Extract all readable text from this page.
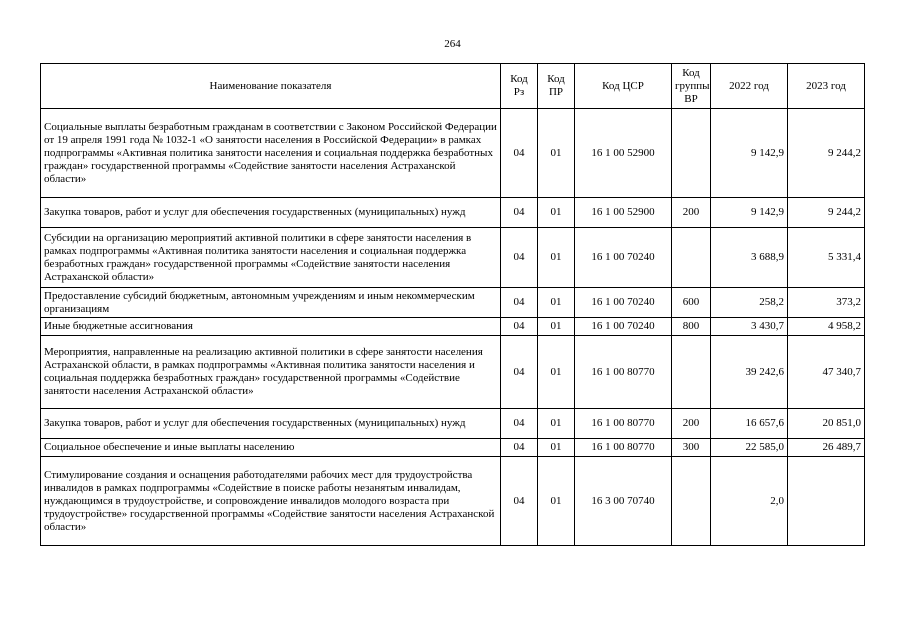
264
Наименование показателя	Код Рз	Код ПР	Код ЦСР	Код группы ВР	2022 год	2023 год
Социальные выплаты безработным гражданам в соответствии с Законом Российской Федерации от 19 апреля 1991 года № 1032-1 «О занятости населения в Российской Федерации» в рамках подпрограммы «Активная политика занятости населения и социальная поддержка безработных граждан» государственной программы «Содействие занятости населения Астраханской области»	04	01	16 1 00 52900		9 142,9	9 244,2
Закупка товаров, работ и услуг для обеспечения государственных (муниципальных) нужд	04	01	16 1 00 52900	200	9 142,9	9 244,2
Субсидии на организацию мероприятий активной политики в сфере занятости населения в рамках подпрограммы «Активная политика занятости населения и социальная поддержка безработных граждан» государственной программы «Содействие занятости населения Астраханской области»	04	01	16 1 00 70240		3 688,9	5 331,4
Предоставление субсидий бюджетным, автономным учреждениям и иным некоммерческим организациям	04	01	16 1 00 70240	600	258,2	373,2
Иные бюджетные ассигнования	04	01	16 1 00 70240	800	3 430,7	4 958,2
Мероприятия, направленные на реализацию активной политики в сфере занятости населения Астраханской области, в рамках подпрограммы «Активная политика занятости населения и социальная поддержка безработных граждан» государственной программы «Содействие занятости населения Астраханской области»	04	01	16 1 00 80770		39 242,6	47 340,7
Закупка товаров, работ и услуг для обеспечения государственных (муниципальных) нужд	04	01	16 1 00 80770	200	16 657,6	20 851,0
Социальное обеспечение и иные выплаты населению	04	01	16 1 00 80770	300	22 585,0	26 489,7
Стимулирование создания и оснащения работодателями рабочих мест для трудоустройства инвалидов в рамках подпрограммы «Содействие в поиске работы незанятым инвалидам, нуждающимся в трудоустройстве, и сопровождение инвалидов молодого возраста при трудоустройстве» государственной программы «Содействие занятости населения Астраханской области»	04	01	16 3 00 70740		2,0	
